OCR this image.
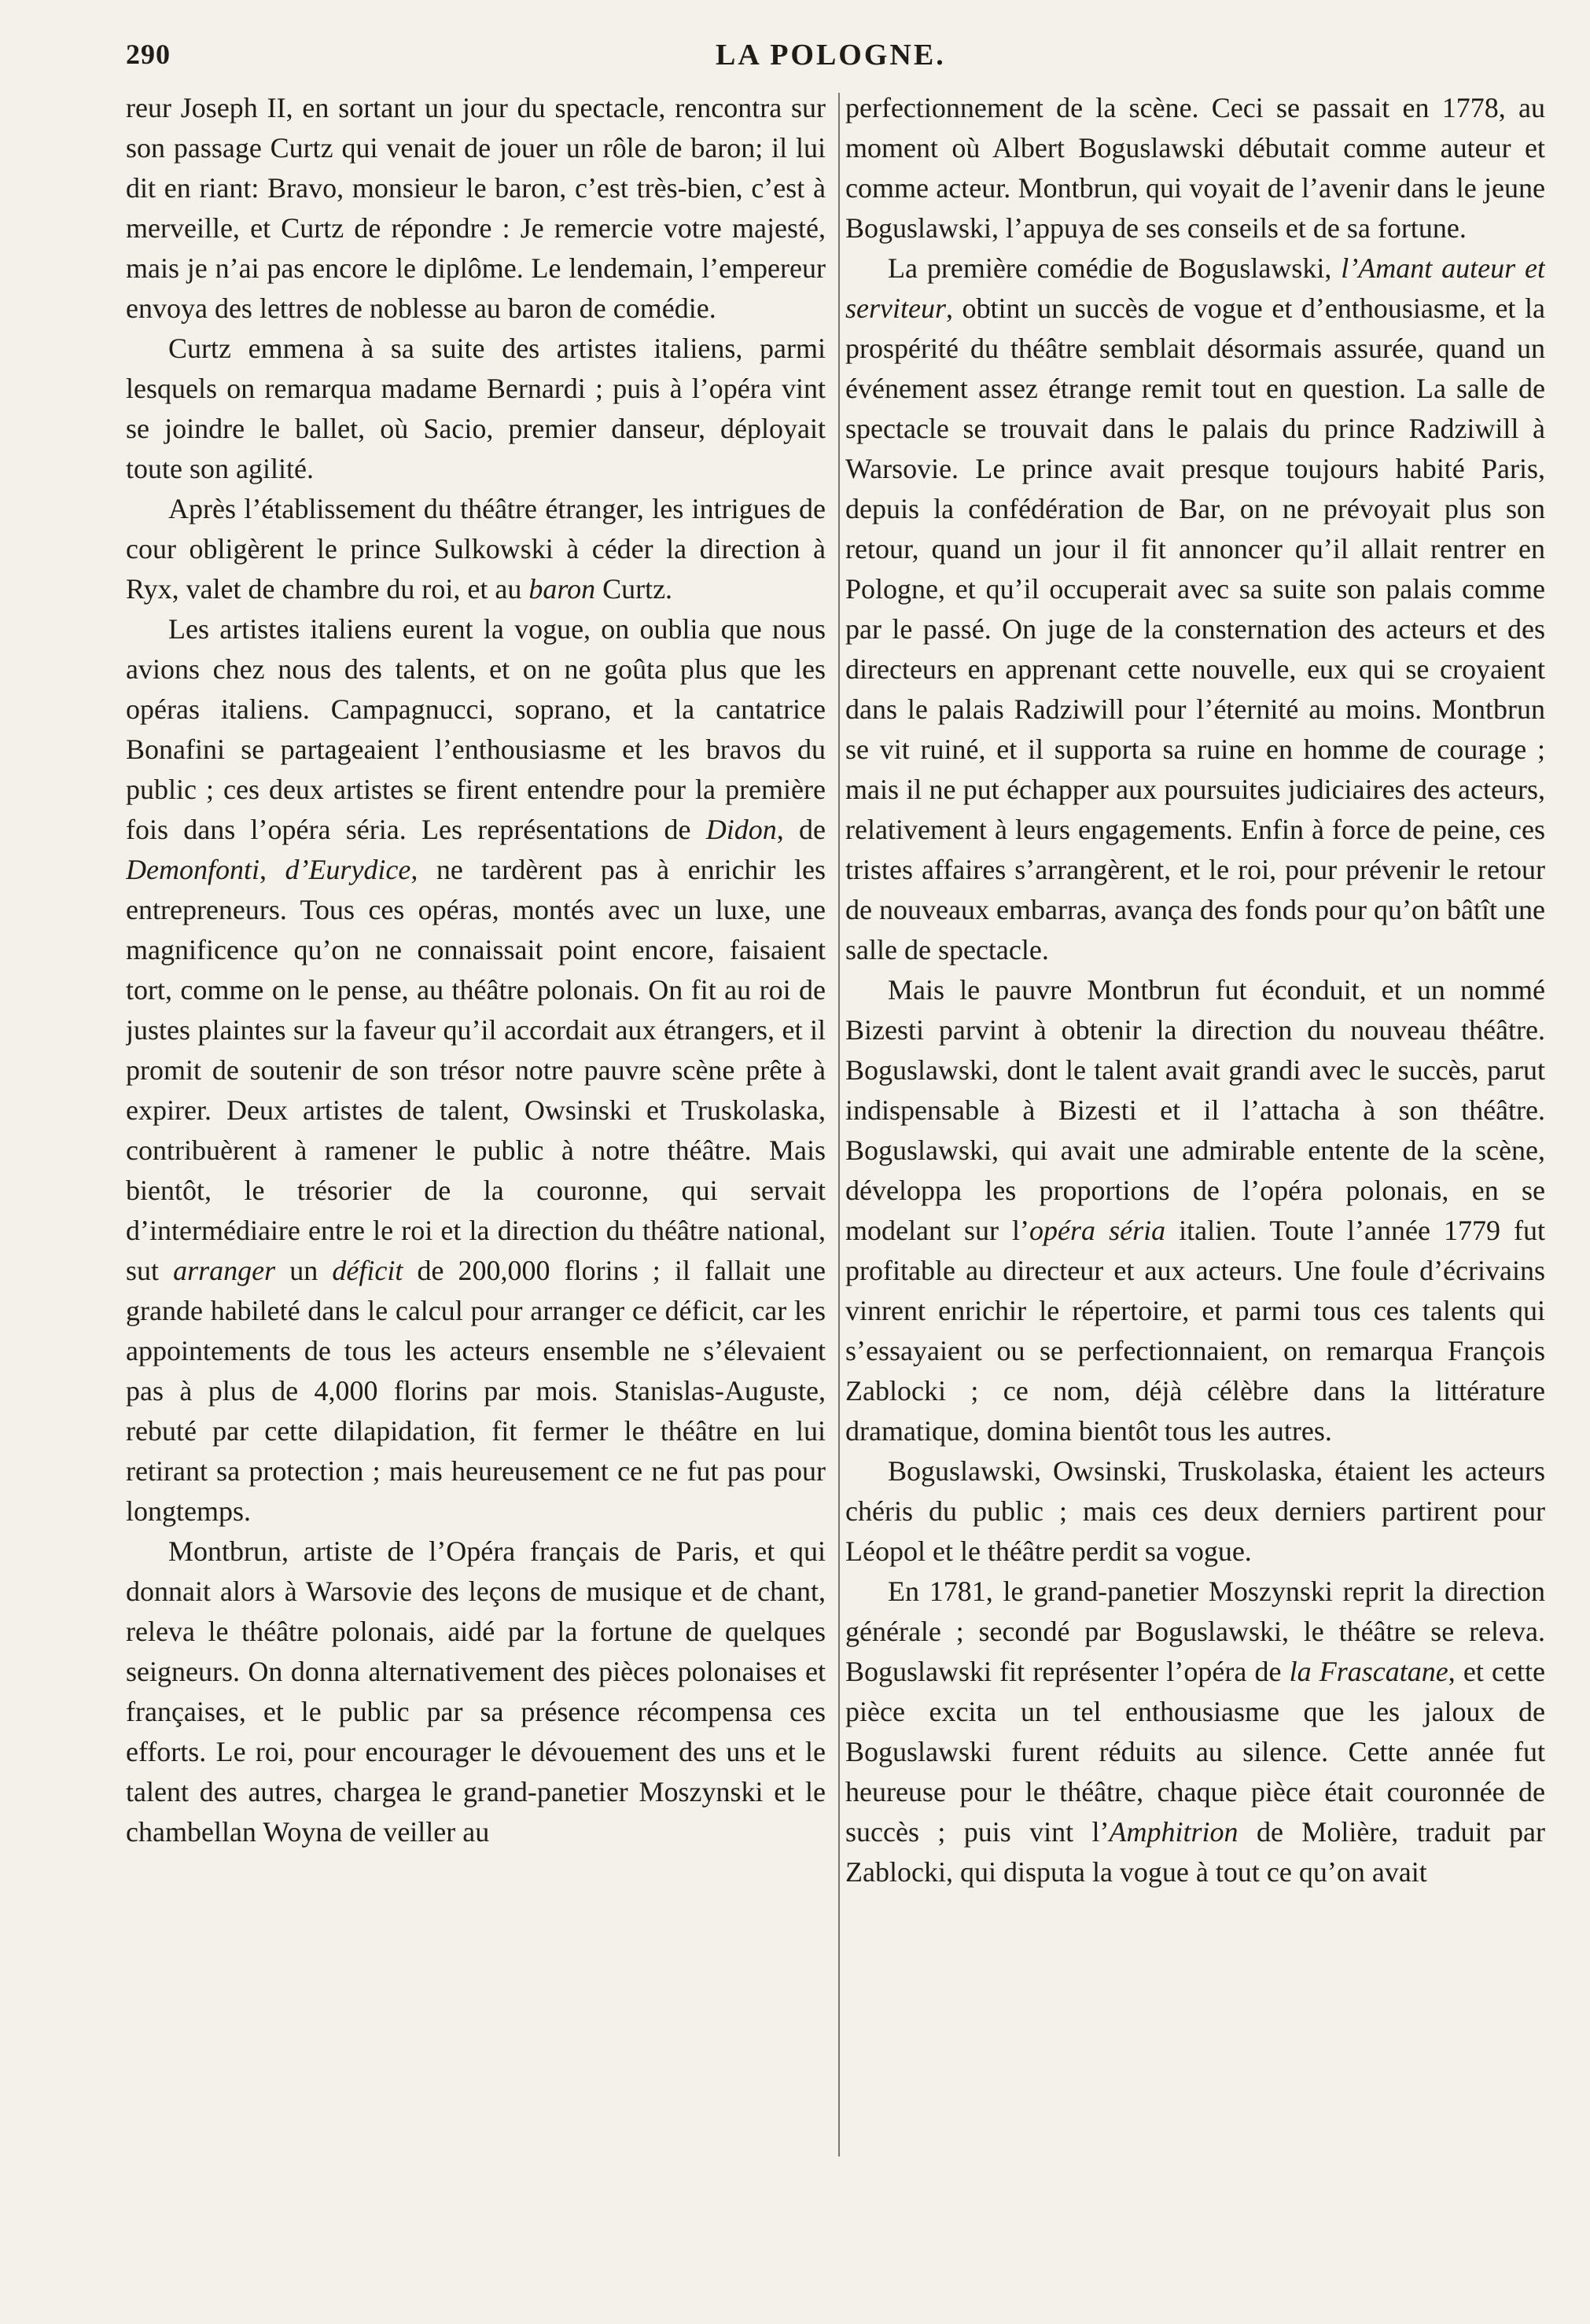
290	LA POLOGNE.

reur Joseph II, en sortant un jour du spectacle, rencontra sur son passage Curtz qui venait de jouer un rôle de baron; il lui dit en riant: Bravo, monsieur le baron, c’est très-bien, c’est à merveille, et Curtz de répondre : Je remercie votre majesté, mais je n’ai pas encore le diplôme. Le lendemain, l’empereur envoya des lettres de noblesse au baron de comédie.

Curtz emmena à sa suite des artistes italiens, parmi lesquels on remarqua madame Bernardi ; puis à l’opéra vint se joindre le ballet, où Sacio, premier danseur, déployait toute son agilité.

Après l’établissement du théâtre étranger, les intrigues de cour obligèrent le prince Sulkowski à céder la direction à Ryx, valet de chambre du roi, et au baron Curtz.

Les artistes italiens eurent la vogue, on oublia que nous avions chez nous des talents, et on ne goûta plus que les opéras italiens. Campagnucci, soprano, et la cantatrice Bonafini se partageaient l’enthousiasme et les bravos du public ; ces deux artistes se firent entendre pour la première fois dans l’opéra séria. Les représentations de Didon, de Demonfonti, d’Eurydice, ne tardèrent pas à enrichir les entrepreneurs. Tous ces opéras, montés avec un luxe, une magnificence qu’on ne connaissait point encore, faisaient tort, comme on le pense, au théâtre polonais. On fit au roi de justes plaintes sur la faveur qu’il accordait aux étrangers, et il promit de soutenir de son trésor notre pauvre scène prête à expirer. Deux artistes de talent, Owsinski et Truskolaska, contribuèrent à ramener le public à notre théâtre. Mais bientôt, le trésorier de la couronne, qui servait d’intermédiaire entre le roi et la direction du théâtre national, sut arranger un déficit de 200,000 florins ; il fallait une grande habileté dans le calcul pour arranger ce déficit, car les appointements de tous les acteurs ensemble ne s’élevaient pas à plus de 4,000 florins par mois. Stanislas-Auguste, rebuté par cette dilapidation, fit fermer le théâtre en lui retirant sa protection ; mais heureusement ce ne fut pas pour longtemps.

Montbrun, artiste de l’Opéra français de Paris, et qui donnait alors à Warsovie des leçons de musique et de chant, releva le théâtre polonais, aidé par la fortune de quelques seigneurs. On donna alternativement des pièces polonaises et françaises, et le public par sa présence récompensa ces efforts. Le roi, pour encourager le dévouement des uns et le talent des autres, chargea le grand-panetier Moszynski et le chambellan Woyna de veiller au

perfectionnement de la scène. Ceci se passait en 1778, au moment où Albert Boguslawski débutait comme auteur et comme acteur. Montbrun, qui voyait de l’avenir dans le jeune Boguslawski, l’appuya de ses conseils et de sa fortune.

La première comédie de Boguslawski, l’Amant auteur et serviteur, obtint un succès de vogue et d’enthousiasme, et la prospérité du théâtre semblait désormais assurée, quand un événement assez étrange remit tout en question. La salle de spectacle se trouvait dans le palais du prince Radziwill à Warsovie. Le prince avait presque toujours habité Paris, depuis la confédération de Bar, on ne prévoyait plus son retour, quand un jour il fit annoncer qu’il allait rentrer en Pologne, et qu’il occuperait avec sa suite son palais comme par le passé. On juge de la consternation des acteurs et des directeurs en apprenant cette nouvelle, eux qui se croyaient dans le palais Radziwill pour l’éternité au moins. Montbrun se vit ruiné, et il supporta sa ruine en homme de courage ; mais il ne put échapper aux poursuites judiciaires des acteurs, relativement à leurs engagements. Enfin à force de peine, ces tristes affaires s’arrangèrent, et le roi, pour prévenir le retour de nouveaux embarras, avança des fonds pour qu’on bâtît une salle de spectacle.

Mais le pauvre Montbrun fut éconduit, et un nommé Bizesti parvint à obtenir la direction du nouveau théâtre. Boguslawski, dont le talent avait grandi avec le succès, parut indispensable à Bizesti et il l’attacha à son théâtre. Boguslawski, qui avait une admirable entente de la scène, développa les proportions de l’opéra polonais, en se modelant sur l’opéra séria italien. Toute l’année 1779 fut profitable au directeur et aux acteurs. Une foule d’écrivains vinrent enrichir le répertoire, et parmi tous ces talents qui s’essayaient ou se perfectionnaient, on remarqua François Zablocki ; ce nom, déjà célèbre dans la littérature dramatique, domina bientôt tous les autres.

Boguslawski, Owsinski, Truskolaska, étaient les acteurs chéris du public ; mais ces deux derniers partirent pour Léopol et le théâtre perdit sa vogue.

En 1781, le grand-panetier Moszynski reprit la direction générale ; secondé par Boguslawski, le théâtre se releva. Boguslawski fit représenter l’opéra de la Frascatane, et cette pièce excita un tel enthousiasme que les jaloux de Boguslawski furent réduits au silence. Cette année fut heureuse pour le théâtre, chaque pièce était couronnée de succès ; puis vint l’Amphitrion de Molière, traduit par Zablocki, qui disputa la vogue à tout ce qu’on avait
